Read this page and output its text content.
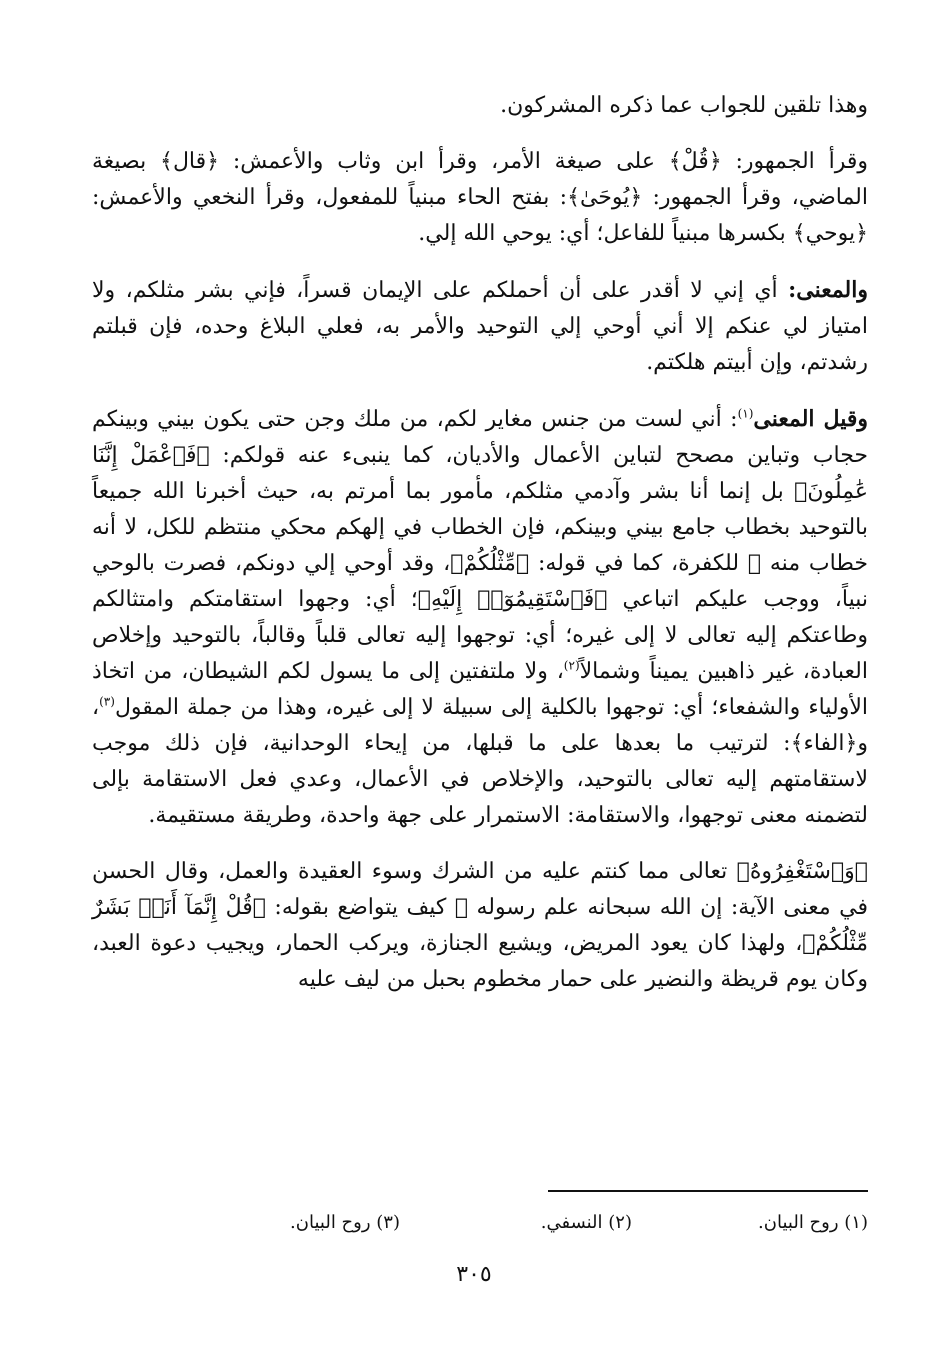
وهذا تلقين للجواب عما ذكره المشركون.

وقرأ الجمهور: ﴿قُلْ﴾ على صيغة الأمر، وقرأ ابن وثاب والأعمش: ﴿قال﴾ بصيغة الماضي، وقرأ الجمهور: ﴿يُوحَىٰ﴾: بفتح الحاء مبنياً للمفعول، وقرأ النخعي والأعمش: ﴿يوحي﴾ بكسرها مبنياً للفاعل؛ أي: يوحي الله إلي.

والمعنى: أي إني لا أقدر على أن أحملكم على الإيمان قسراً، فإني بشر مثلكم، ولا امتياز لي عنكم إلا أني أوحي إلي التوحيد والأمر به، فعلي البلاغ وحده، فإن قبلتم رشدتم، وإن أبيتم هلكتم.

وقيل المعنى$^{(١)}$: أني لست من جنس مغاير لكم، من ملك وجن حتى يكون بيني وبينكم حجاب وتباين مصحح لتباين الأعمال والأديان، كما ينبىء عنه قولكم: ﴿فَٱعْمَلْ إِنَّنَا عَٰمِلُونَ﴾ بل إنما أنا بشر وآدمي مثلكم، مأمور بما أمرتم به، حيث أخبرنا الله جميعاً بالتوحيد بخطاب جامع بيني وبينكم، فإن الخطاب في إلهكم محكي منتظم للكل، لا أنه خطاب منه ﷺ للكفرة، كما في قوله: ﴿مِّثْلُكُمْ﴾، وقد أوحي إلي دونكم، فصرت بالوحي نبياً، ووجب عليكم اتباعي ﴿فَٱسْتَقِيمُوٓا۟ إِلَيْهِ﴾؛ أي: وجهوا استقامتكم وامتثالكم وطاعتكم إليه تعالى لا إلى غيره؛ أي: توجهوا إليه تعالى قلباً وقالباً، بالتوحيد وإخلاص العبادة، غير ذاهبين يميناً وشمالاً$^{(٢)}$، ولا ملتفتين إلى ما يسول لكم الشيطان، من اتخاذ الأولياء والشفعاء؛ أي: توجهوا بالكلية إلى سبيلة لا إلى غيره، وهذا من جملة المقول$^{(٣)}$، و﴿الفاء﴾: لترتيب ما بعدها على ما قبلها، من إيحاء الوحدانية، فإن ذلك موجب لاستقامتهم إليه تعالى بالتوحيد، والإخلاص في الأعمال، وعدي فعل الاستقامة بإلى لتضمنه معنى توجهوا، والاستقامة: الاستمرار على جهة واحدة، وطريقة مستقيمة.

﴿وَٱسْتَغْفِرُوهُ﴾ تعالى مما كنتم عليه من الشرك وسوء العقيدة والعمل، وقال الحسن في معنى الآية: إن الله سبحانه علم رسوله ﷺ كيف يتواضع بقوله: ﴿قُلْ إِنَّمَآ أَنَا۠ بَشَرٌ مِّثْلُكُمْ﴾، ولهذا كان يعود المريض، ويشيع الجنازة، ويركب الحمار، ويجيب دعوة العبد، وكان يوم قريظة والنضير على حمار مخطوم بحبل من ليف عليه

(١) روح البيان.
(٢) النسفي.
(٣) روح البيان.
٣٠٥
